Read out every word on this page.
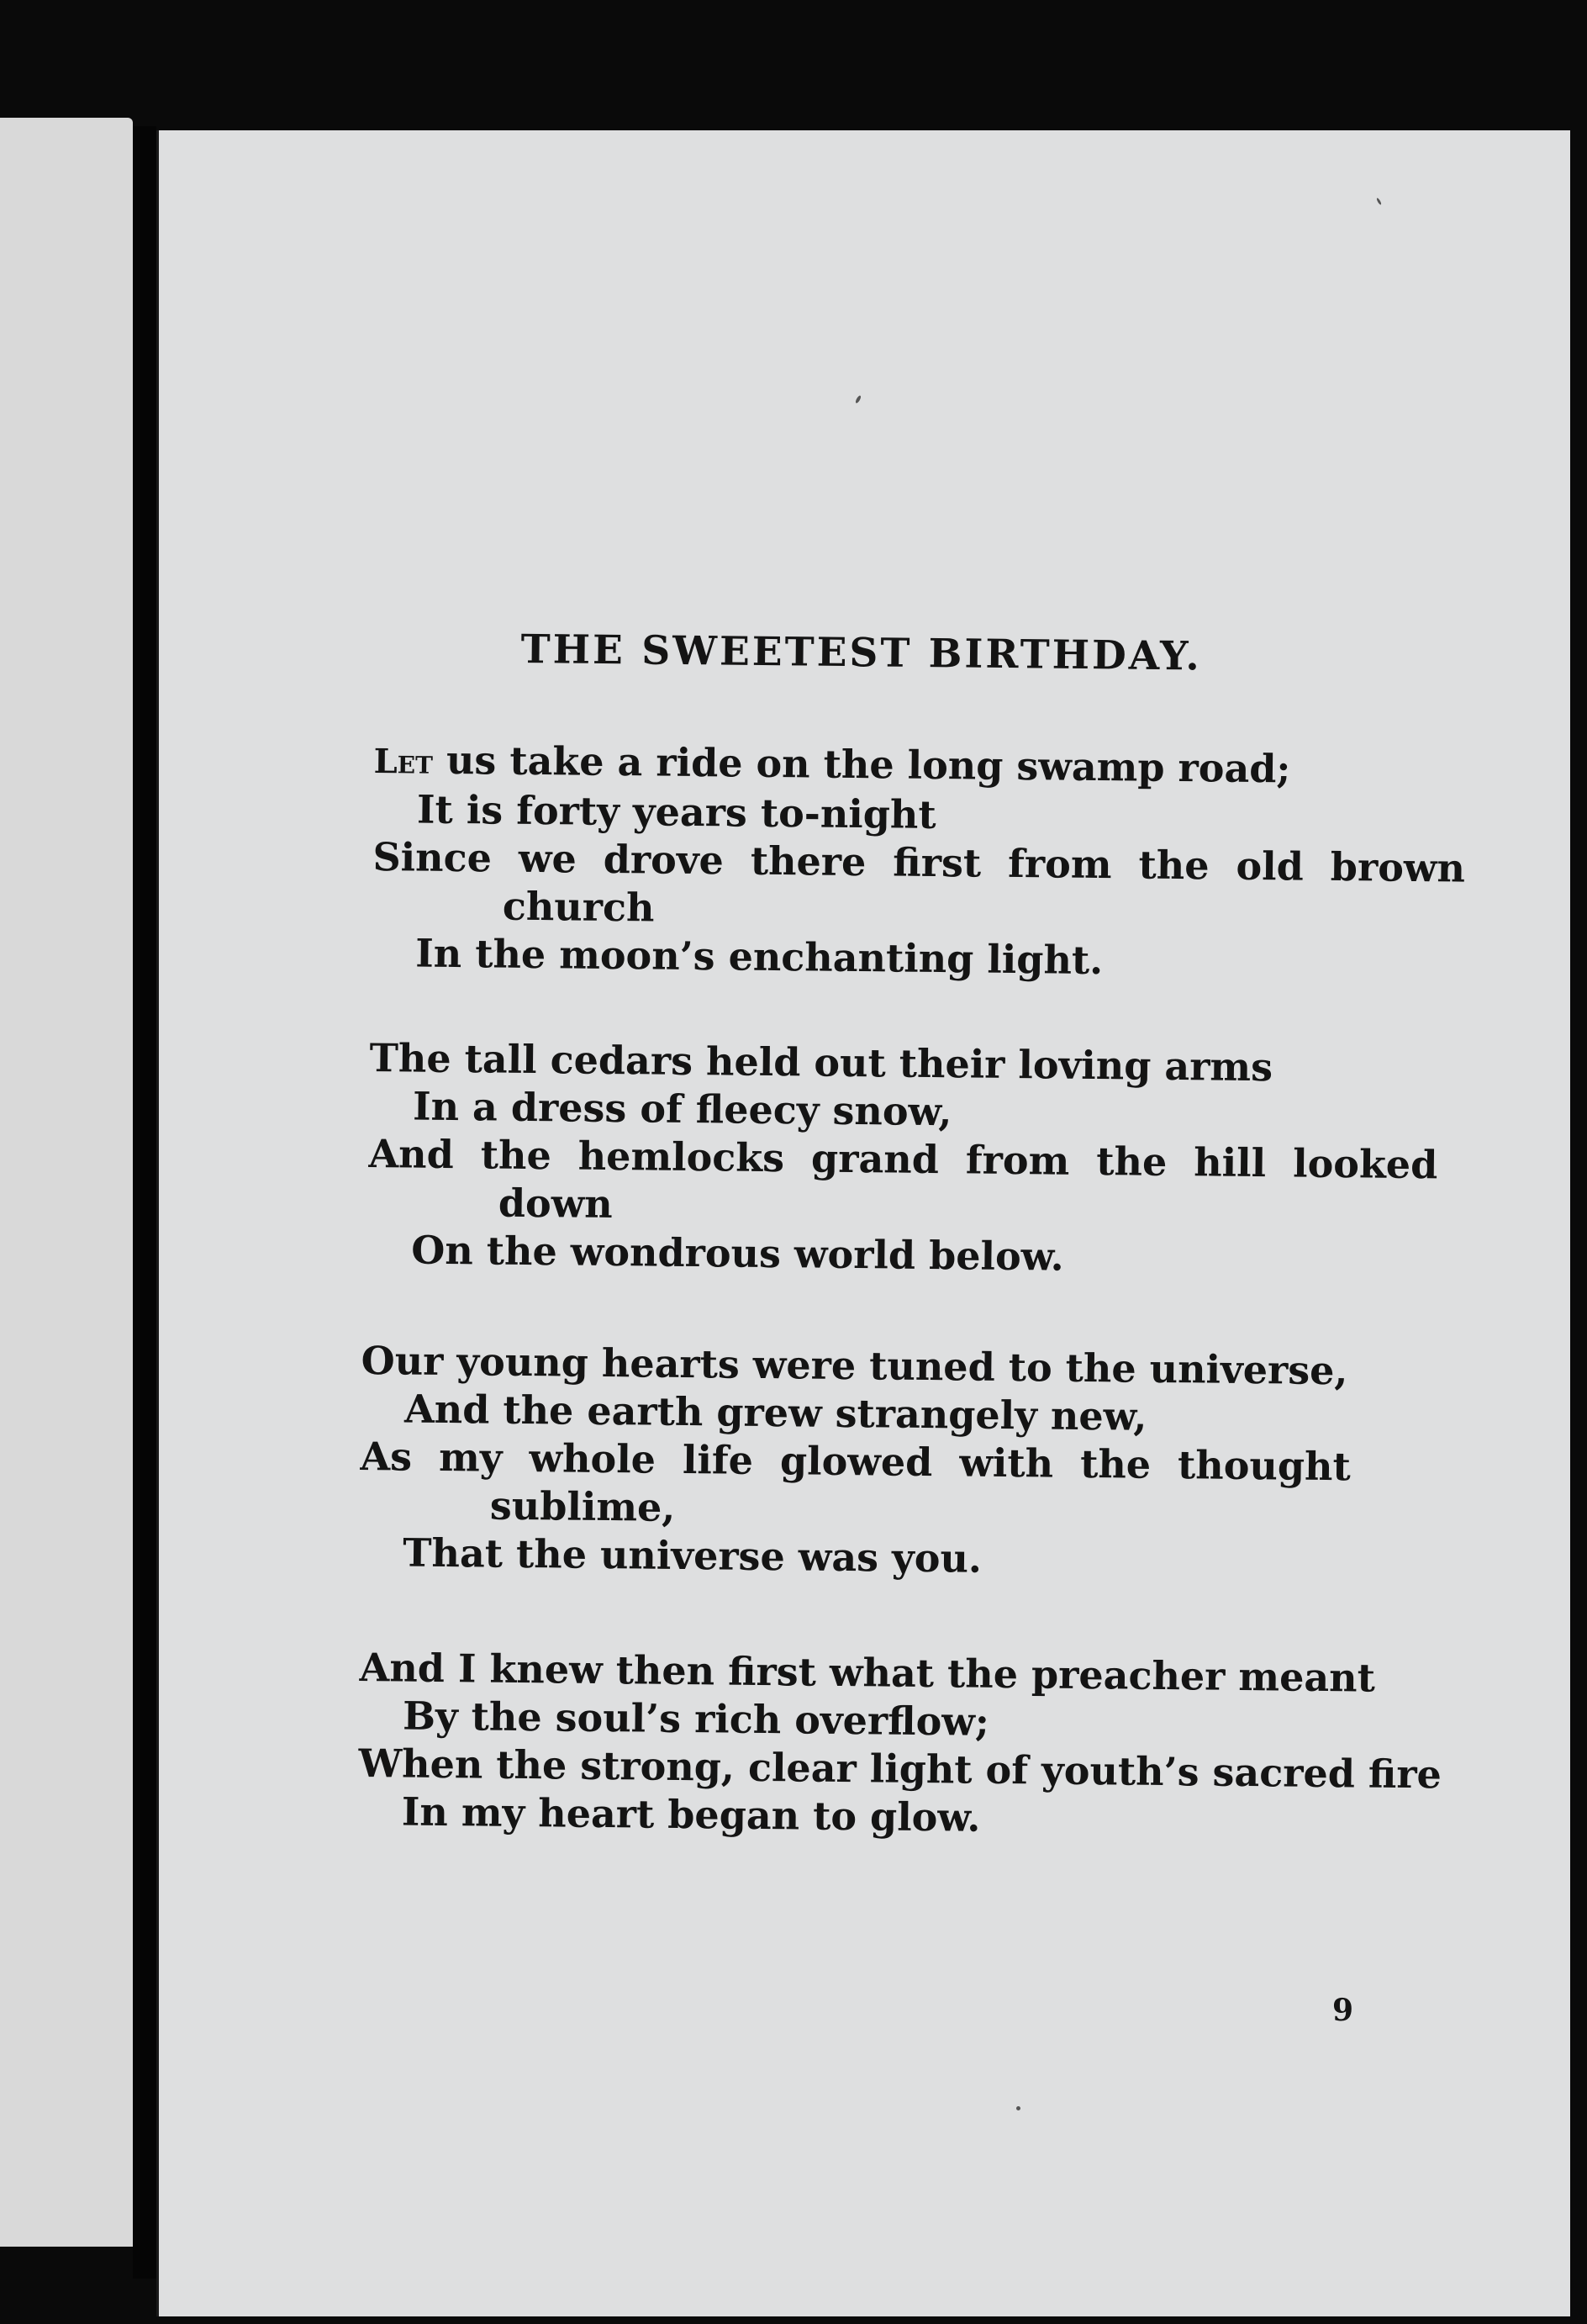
THE SWEETEST BIRTHDAY.
Let us take a ride on the long swamp road;
It is forty years to-night
Since we drove there first from the old brown
church
In the moon’s enchanting light.
The tall cedars held out their loving arms
In a dress of fleecy snow,
And the hemlocks grand from the hill looked
down
On the wondrous world below.
Our young hearts were tuned to the universe,
And the earth grew strangely new,
As my whole life glowed with the thought
sublime,
That the universe was you.
And I knew then first what the preacher meant
By the soul’s rich overflow;
When the strong, clear light of youth’s sacred fire
In my heart began to glow.
9
